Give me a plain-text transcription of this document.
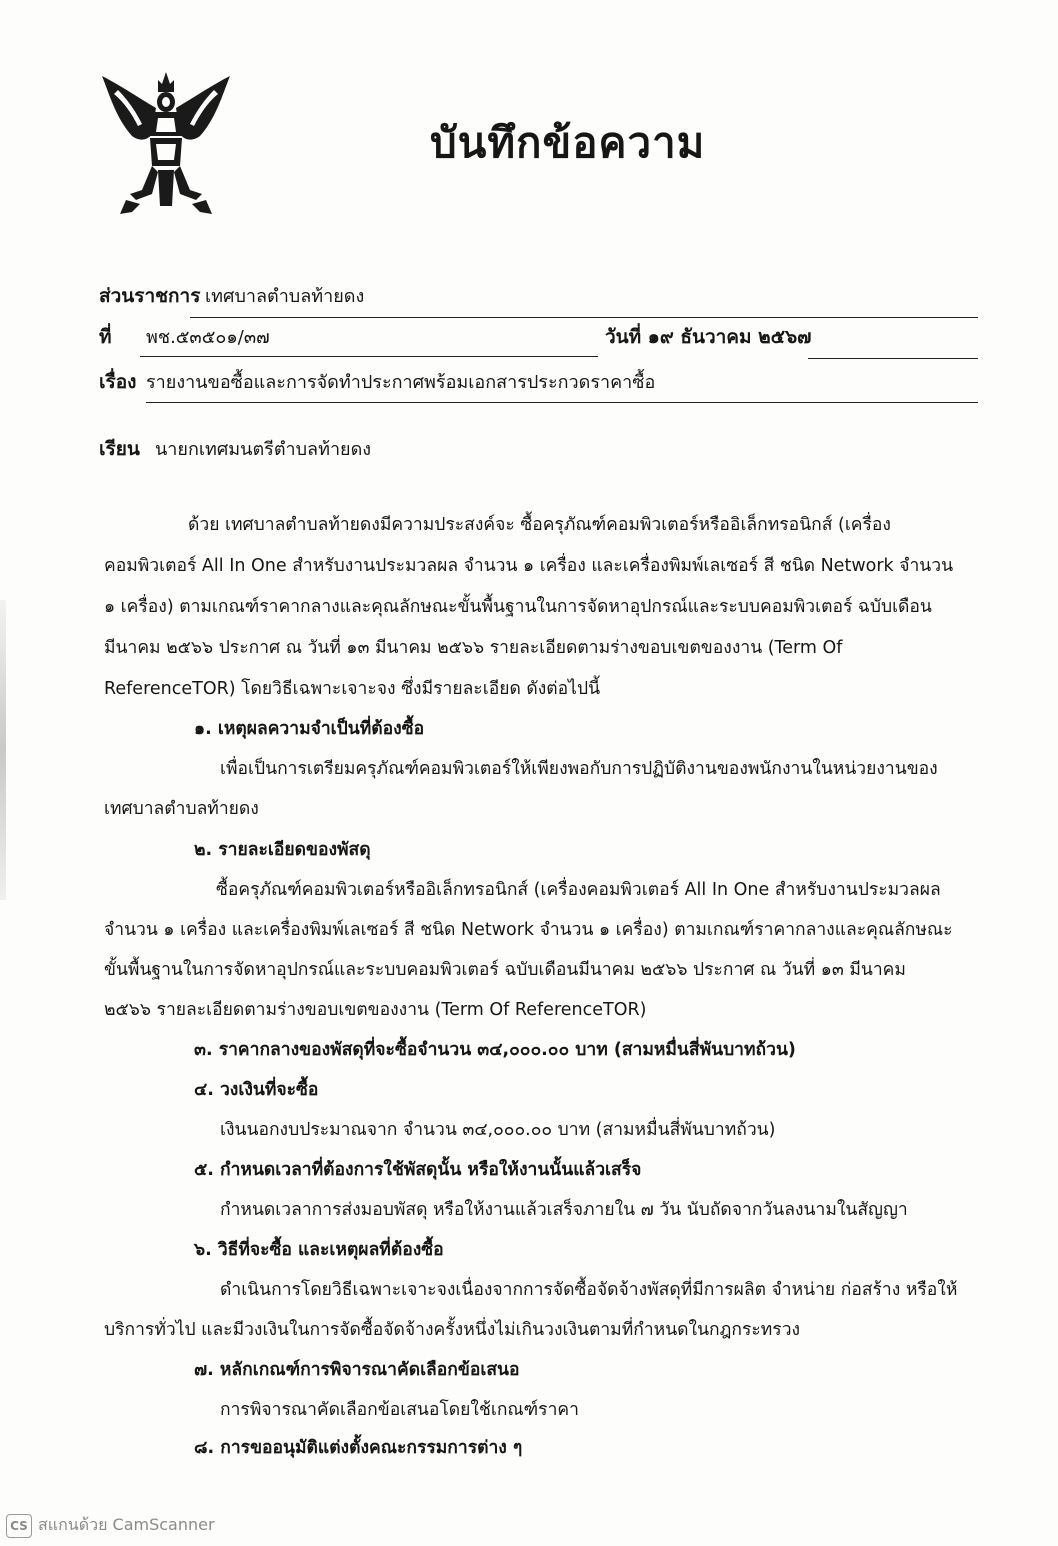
บันทึกข้อความ
ส่วนราชการ เทศบาลตำบลท้ายดง
ที่ พช.๕๓๕๐๑/๓๗	วันที่ ๑๙ ธันวาคม ๒๕๖๗
เรื่อง รายงานขอซื้อและการจัดทำประกาศพร้อมเอกสารประกวดราคาซื้อ
เรียน นายกเทศมนตรีตำบลท้ายดง
ด้วย เทศบาลตำบลท้ายดงมีความประสงค์จะ ซื้อครุภัณฑ์คอมพิวเตอร์หรืออิเล็กทรอนิกส์ (เครื่อง
คอมพิวเตอร์ All In One สำหรับงานประมวลผล จำนวน ๑ เครื่อง และเครื่องพิมพ์เลเซอร์ สี ชนิด Network จำนวน
๑ เครื่อง) ตามเกณฑ์ราคากลางและคุณลักษณะขั้นพื้นฐานในการจัดหาอุปกรณ์และระบบคอมพิวเตอร์ ฉบับเดือน
มีนาคม ๒๕๖๖ ประกาศ ณ วันที่ ๑๓ มีนาคม ๒๕๖๖ รายละเอียดตามร่างขอบเขตของงาน (Term Of
ReferenceTOR) โดยวิธีเฉพาะเจาะจง ซึ่งมีรายละเอียด ดังต่อไปนี้
๑. เหตุผลความจำเป็นที่ต้องซื้อ
เพื่อเป็นการเตรียมครุภัณฑ์คอมพิวเตอร์ให้เพียงพอกับการปฏิบัติงานของพนักงานในหน่วยงานของ
เทศบาลตำบลท้ายดง
๒. รายละเอียดของพัสดุ
ซื้อครุภัณฑ์คอมพิวเตอร์หรืออิเล็กทรอนิกส์ (เครื่องคอมพิวเตอร์ All In One สำหรับงานประมวลผล
จำนวน ๑ เครื่อง และเครื่องพิมพ์เลเซอร์ สี ชนิด Network จำนวน ๑ เครื่อง) ตามเกณฑ์ราคากลางและคุณลักษณะ
ขั้นพื้นฐานในการจัดหาอุปกรณ์และระบบคอมพิวเตอร์ ฉบับเดือนมีนาคม ๒๕๖๖ ประกาศ ณ วันที่ ๑๓ มีนาคม
๒๕๖๖ รายละเอียดตามร่างขอบเขตของงาน (Term Of ReferenceTOR)
๓. ราคากลางของพัสดุที่จะซื้อจำนวน ๓๔,๐๐๐.๐๐ บาท (สามหมื่นสี่พันบาทถ้วน)
๔. วงเงินที่จะซื้อ
เงินนอกงบประมาณจาก จำนวน ๓๔,๐๐๐.๐๐ บาท (สามหมื่นสี่พันบาทถ้วน)
๕. กำหนดเวลาที่ต้องการใช้พัสดุนั้น หรือให้งานนั้นแล้วเสร็จ
กำหนดเวลาการส่งมอบพัสดุ หรือให้งานแล้วเสร็จภายใน ๗ วัน นับถัดจากวันลงนามในสัญญา
๖. วิธีที่จะซื้อ และเหตุผลที่ต้องซื้อ
ดำเนินการโดยวิธีเฉพาะเจาะจงเนื่องจากการจัดซื้อจัดจ้างพัสดุที่มีการผลิต จำหน่าย ก่อสร้าง หรือให้
บริการทั่วไป และมีวงเงินในการจัดซื้อจัดจ้างครั้งหนึ่งไม่เกินวงเงินตามที่กำหนดในกฎกระทรวง
๗. หลักเกณฑ์การพิจารณาคัดเลือกข้อเสนอ
การพิจารณาคัดเลือกข้อเสนอโดยใช้เกณฑ์ราคา
๘. การขออนุมัติแต่งตั้งคณะกรรมการต่าง ๆ
CS สแกนด้วย CamScanner
